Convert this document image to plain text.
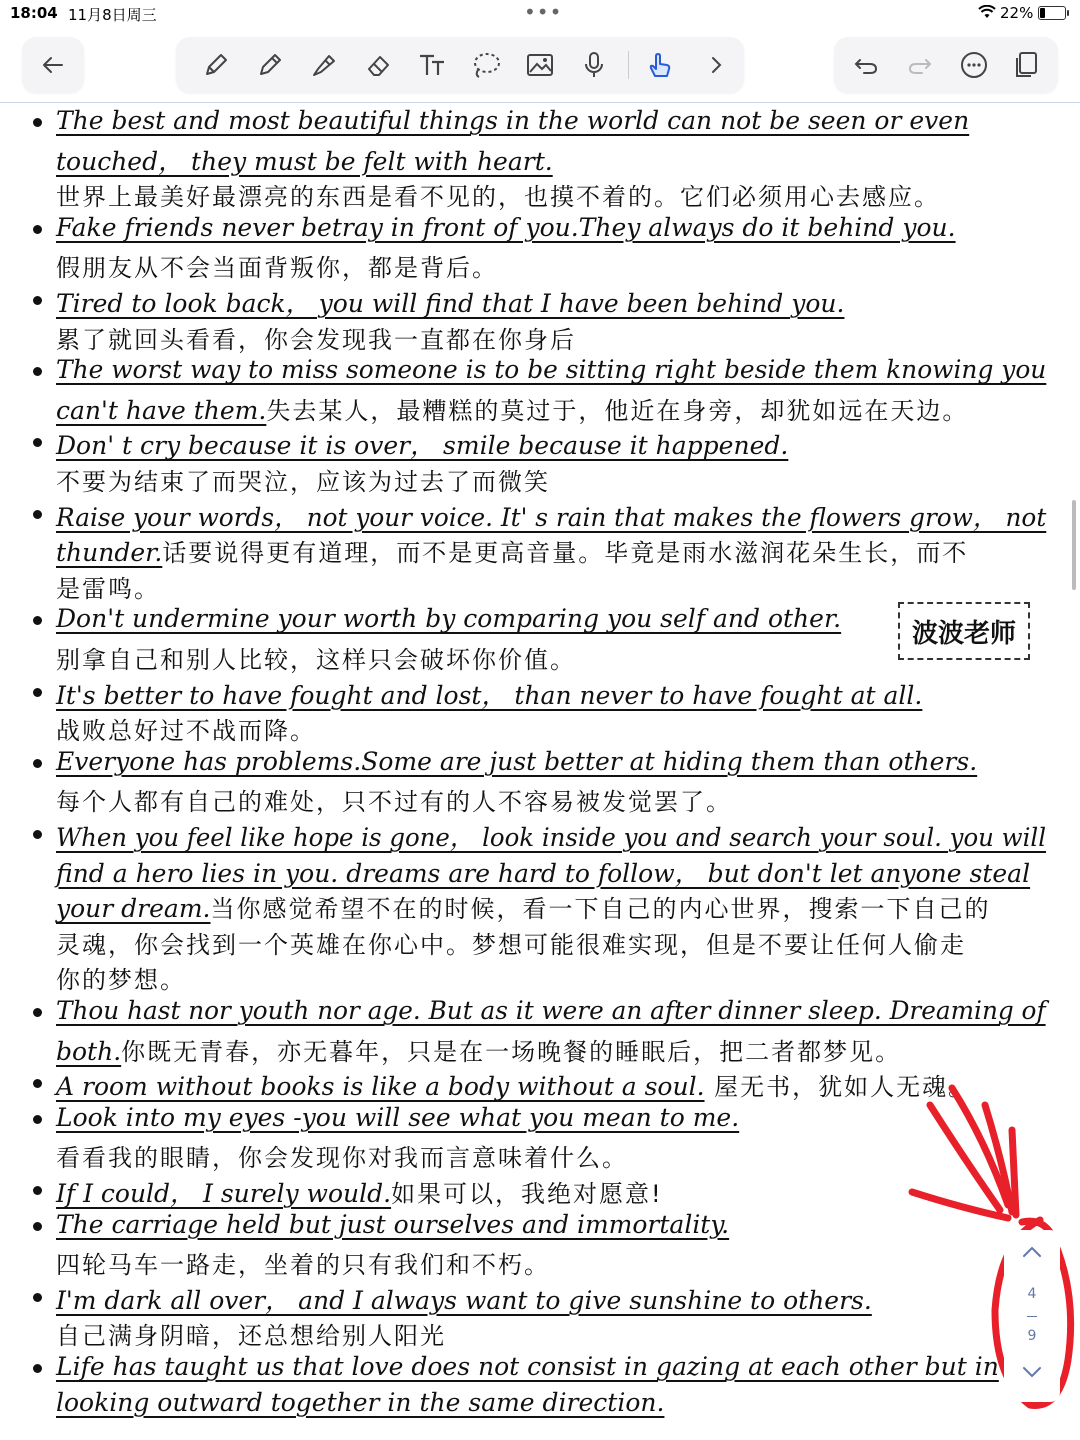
18:04 11月8日周三	•••	22%
The best and most beautiful things in the world can not be seen or even
touched， they must be felt with heart.
世界上最美好最漂亮的东西是看不见的，也摸不着的。它们必须用心去感应。
Fake friends never betray in front of you.They always do it behind you.
假朋友从不会当面背叛你，都是背后。
Tired to look back， you will find that I have been behind you.
累了就回头看看，你会发现我一直都在你身后
The worst way to miss someone is to be sitting right beside them knowing you
can't have them.失去某人，最糟糕的莫过于，他近在身旁，却犹如远在天边。
Don' t cry because it is over， smile because it happened.
不要为结束了而哭泣，应该为过去了而微笑
Raise your words， not your voice. It' s rain that makes the flowers grow， not
thunder.话要说得更有道理，而不是更高音量。毕竟是雨水滋润花朵生长，而不
是雷鸣。
Don't undermine your worth by comparing you self and other.
别拿自己和别人比较，这样只会破坏你价值。
It's better to have fought and lost， than never to have fought at all.
战败总好过不战而降。
Everyone has problems.Some are just better at hiding them than others.
每个人都有自己的难处，只不过有的人不容易被发觉罢了。
When you feel like hope is gone， look inside you and search your soul. you will
find a hero lies in you. dreams are hard to follow， but don't let anyone steal
your dream.当你感觉希望不在的时候，看一下自己的内心世界，搜索一下自己的
灵魂，你会找到一个英雄在你心中。梦想可能很难实现，但是不要让任何人偷走
你的梦想。
Thou hast nor youth nor age. But as it were an after dinner sleep. Dreaming of
both.你既无青春，亦无暮年，只是在一场晚餐的睡眠后，把二者都梦见。
A room without books is like a body without a soul. 屋无书，犹如人无魂。
Look into my eyes -you will see what you mean to me.
看看我的眼睛，你会发现你对我而言意味着什么。
If I could， I surely would.如果可以，我绝对愿意!
The carriage held but just ourselves and immortality.
四轮马车一路走，坐着的只有我们和不朽。
I'm dark all over， and I always want to give sunshine to others.
自己满身阴暗，还总想给别人阳光
Life has taught us that love does not consist in gazing at each other but in
looking outward together in the same direction.
波波老师
4
9
